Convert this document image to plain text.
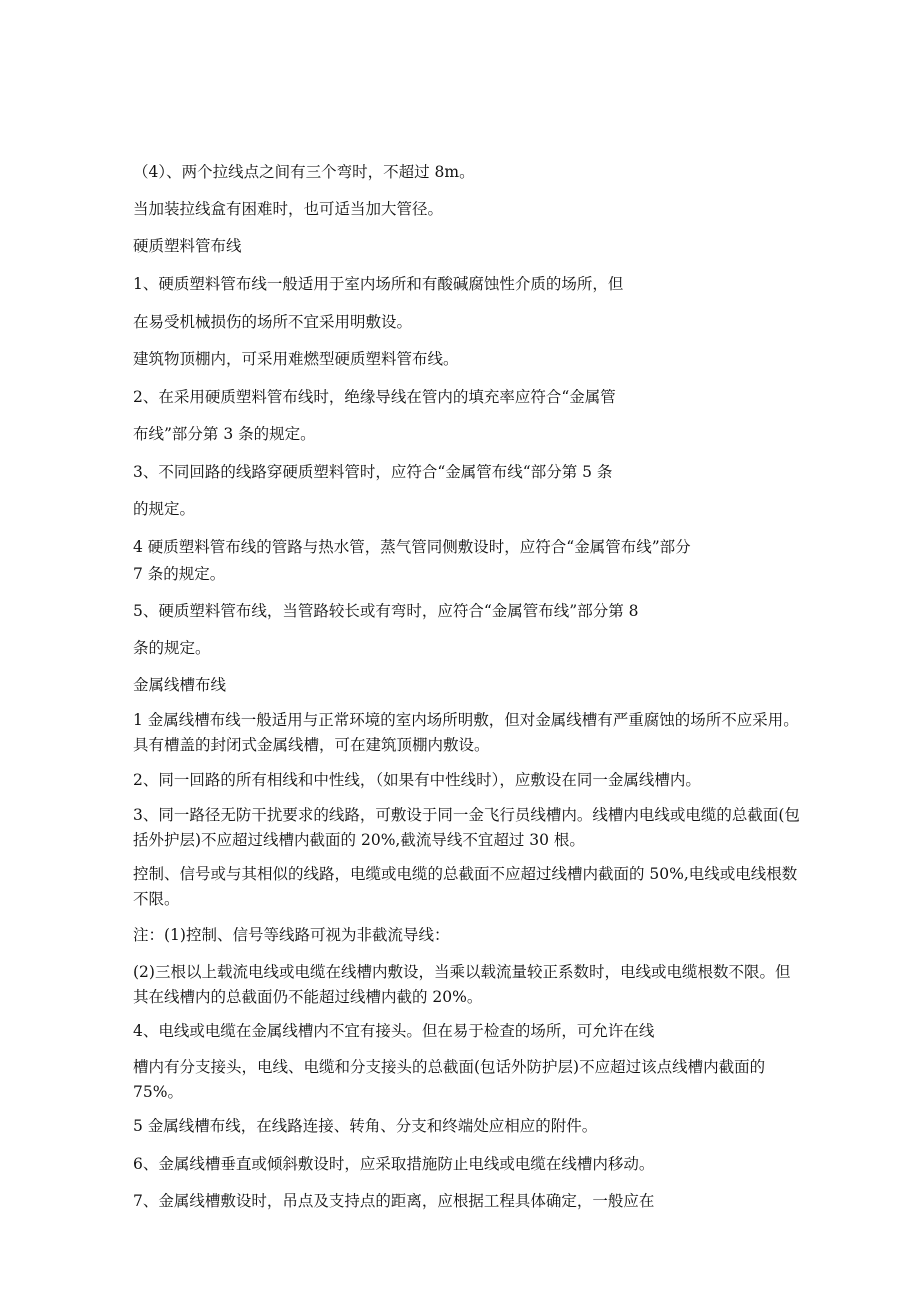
（4）、两个拉线点之间有三个弯时，不超过 8m。

当加装拉线盒有困难时，也可适当加大管径。

硬质塑料管布线

1、硬质塑料管布线一般适用于室内场所和有酸碱腐蚀性介质的场所，但

在易受机械损伤的场所不宜采用明敷设。

建筑物顶棚内，可采用难燃型硬质塑料管布线。

2、在采用硬质塑料管布线时，绝缘导线在管内的填充率应符合“金属管

布线”部分第 3 条的规定。

3、不同回路的线路穿硬质塑料管时，应符合“金属管布线“部分第 5 条

的规定。

4 硬质塑料管布线的管路与热水管，蒸气管同侧敷设时，应符合“金属管布线”部分

7 条的规定。

5、硬质塑料管布线，当管路较长或有弯时，应符合“金属管布线”部分第 8

条的规定。

金属线槽布线

1 金属线槽布线一般适用与正常环境的室内场所明敷，但对金属线槽有严重腐蚀的场所不应采用。具有槽盖的封闭式金属线槽，可在建筑顶棚内敷设。

2、同一回路的所有相线和中性线，（如果有中性线时），应敷设在同一金属线槽内。

3、同一路径无防干扰要求的线路，可敷设于同一金飞行员线槽内。线槽内电线或电缆的总截面(包括外护层)不应超过线槽内截面的 20%,截流导线不宜超过 30 根。

控制、信号或与其相似的线路，电缆或电缆的总截面不应超过线槽内截面的 50%,电线或电线根数不限。

注：(1)控制、信号等线路可视为非截流导线：

(2)三根以上载流电线或电缆在线槽内敷设，当乘以载流量较正系数时，电线或电缆根数不限。但其在线槽内的总截面仍不能超过线槽内截的 20%。

4、电线或电缆在金属线槽内不宜有接头。但在易于检查的场所，可允许在线

槽内有分支接头，电线、电缆和分支接头的总截面(包话外防护层)不应超过该点线槽内截面的 75%。

5 金属线槽布线，在线路连接、转角、分支和终端处应相应的附件。

6、金属线槽垂直或倾斜敷设时，应采取措施防止电线或电缆在线槽内移动。

7、金属线槽敷设时，吊点及支持点的距离，应根据工程具体确定，一般应在
